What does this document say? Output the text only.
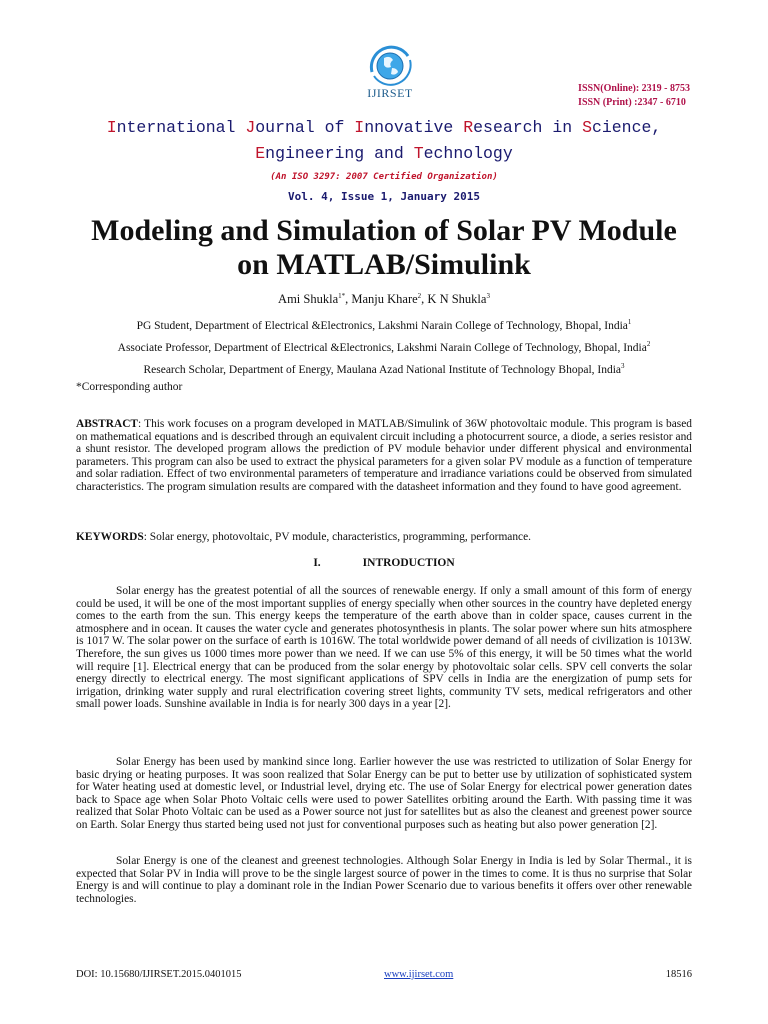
IJIRSET	ISSN(Online): 2319 - 8753
ISSN (Print) :2347 - 6710
International Journal of Innovative Research in Science,
Engineering and Technology
(An ISO 3297: 2007 Certified Organization)
Vol. 4, Issue 1, January 2015
Modeling and Simulation of Solar PV Module
on MATLAB/Simulink
Ami Shukla$^{1*}$, Manju Khare$^2$, K N Shukla$^3$
PG Student, Department of Electrical &Electronics, Lakshmi Narain College of Technology, Bhopal, India$^1$
Associate Professor, Department of Electrical &Electronics, Lakshmi Narain College of Technology, Bhopal, India$^2$
Research Scholar, Department of Energy, Maulana Azad National Institute of Technology Bhopal, India$^3$
*Corresponding author
ABSTRACT: This work focuses on a program developed in MATLAB/Simulink of 36W photovoltaic module. This program is based on mathematical equations and is described through an equivalent circuit including a photocurrent source, a diode, a series resistor and a shunt resistor. The developed program allows the prediction of PV module behavior under different physical and environmental parameters. This program can also be used to extract the physical parameters for a given solar PV module as a function of temperature and solar radiation. Effect of two environmental parameters of temperature and irradiance variations could be observed from simulated characteristics. The program simulation results are compared with the datasheet information and they found to have good agreement.
KEYWORDS: Solar energy, photovoltaic, PV module, characteristics, programming, performance.
I.	INTRODUCTION
Solar energy has the greatest potential of all the sources of renewable energy. If only a small amount of this form of energy could be used, it will be one of the most important supplies of energy specially when other sources in the country have depleted energy comes to the earth from the sun. This energy keeps the temperature of the earth above than in colder space, causes current in the atmosphere and in ocean. It causes the water cycle and generates photosynthesis in plants. The solar power where sun hits atmosphere is 1017 W. The solar power on the surface of earth is 1016W. The total worldwide power demand of all needs of civilization is 1013W. Therefore, the sun gives us 1000 times more power than we need. If we can use 5% of this energy, it will be 50 times what the world will require [1]. Electrical energy that can be produced from the solar energy by photovoltaic solar cells. SPV cell converts the solar energy directly to electrical energy. The most significant applications of SPV cells in India are the energization of pump sets for irrigation, drinking water supply and rural electrification covering street lights, community TV sets, medical refrigerators and other small power loads. Sunshine available in India is for nearly 300 days in a year [2].
Solar Energy has been used by mankind since long. Earlier however the use was restricted to utilization of Solar Energy for basic drying or heating purposes. It was soon realized that Solar Energy can be put to better use by utilization of sophisticated system for Water heating used at domestic level, or Industrial level, drying etc. The use of Solar Energy for electrical power generation dates back to Space age when Solar Photo Voltaic cells were used to power Satellites orbiting around the Earth. With passing time it was realized that Solar Photo Voltaic can be used as a Power source not just for satellites but as also the cleanest and greenest power source on Earth. Solar Energy thus started being used not just for conventional purposes such as heating but also power generation [2].
Solar Energy is one of the cleanest and greenest technologies. Although Solar Energy in India is led by Solar Thermal., it is expected that Solar PV in India will prove to be the single largest source of power in the times to come. It is thus no surprise that Solar Energy is and will continue to play a dominant role in the Indian Power Scenario due to various benefits it offers over other renewable technologies.
DOI: 10.15680/IJIRSET.2015.0401015	www.ijirset.com	18516
